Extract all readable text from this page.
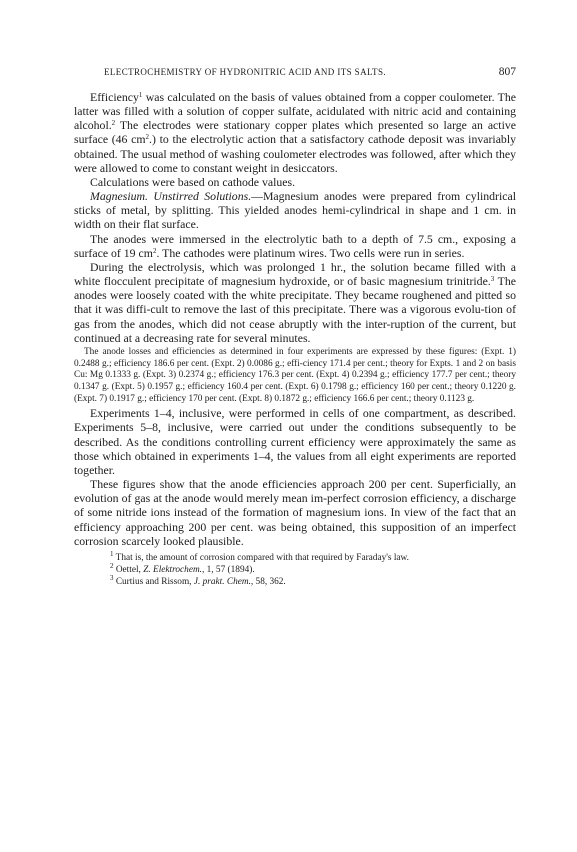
ELECTROCHEMISTRY OF HYDRONITRIC ACID AND ITS SALTS.	807

Efficiency$^1$ was calculated on the basis of values obtained from a copper coulometer. The latter was filled with a solution of copper sulfate, acidulated with nitric acid and containing alcohol.$^2$ The electrodes were stationary copper plates which presented so large an active surface (46 $cm^2$.) to the electrolytic action that a satisfactory cathode deposit was invariably obtained. The usual method of washing coulometer electrodes was followed, after which they were allowed to come to constant weight in desiccators.

Calculations were based on cathode values.

Magnesium. Unstirred Solutions.—Magnesium anodes were prepared from cylindrical sticks of metal, by splitting. This yielded anodes hemi-cylindrical in shape and 1 cm. in width on their flat surface.

The anodes were immersed in the electrolytic bath to a depth of 7.5 cm., exposing a surface of 19 $cm^2$. The cathodes were platinum wires. Two cells were run in series.

During the electrolysis, which was prolonged 1 hr., the solution became filled with a white flocculent precipitate of magnesium hydroxide, or of basic magnesium trinitride.$^3$ The anodes were loosely coated with the white precipitate. They became roughened and pitted so that it was diffi-cult to remove the last of this precipitate. There was a vigorous evolu-tion of gas from the anodes, which did not cease abruptly with the inter-ruption of the current, but continued at a decreasing rate for several minutes.

The anode losses and efficiencies as determined in four experiments are expressed by these figures: (Expt. 1) 0.2488 g.; efficiency 186.6 per cent. (Expt. 2) 0.0086 g.; effi-ciency 171.4 per cent.; theory for Expts. 1 and 2 on basis Cu: Mg 0.1333 g. (Expt. 3) 0.2374 g.; efficiency 176.3 per cent. (Expt. 4) 0.2394 g.; efficiency 177.7 per cent.; theory 0.1347 g. (Expt. 5) 0.1957 g.; efficiency 160.4 per cent. (Expt. 6) 0.1798 g.; efficiency 160 per cent.; theory 0.1220 g. (Expt. 7) 0.1917 g.; efficiency 170 per cent. (Expt. 8) 0.1872 g.; efficiency 166.6 per cent.; theory 0.1123 g.

Experiments 1–4, inclusive, were performed in cells of one compartment, as described. Experiments 5–8, inclusive, were carried out under the conditions subsequently to be described. As the conditions controlling current efficiency were approximately the same as those which obtained in experiments 1–4, the values from all eight experiments are reported together.

These figures show that the anode efficiencies approach 200 per cent. Superficially, an evolution of gas at the anode would merely mean im-perfect corrosion efficiency, a discharge of some nitride ions instead of the formation of magnesium ions. In view of the fact that an efficiency approaching 200 per cent. was being obtained, this supposition of an imperfect corrosion scarcely looked plausible.

$^1$ That is, the amount of corrosion compared with that required by Faraday's law.

$^2$ Oettel, Z. Elektrochem., 1, 57 (1894).

$^3$ Curtius and Rissom, J. prakt. Chem., 58, 362.
